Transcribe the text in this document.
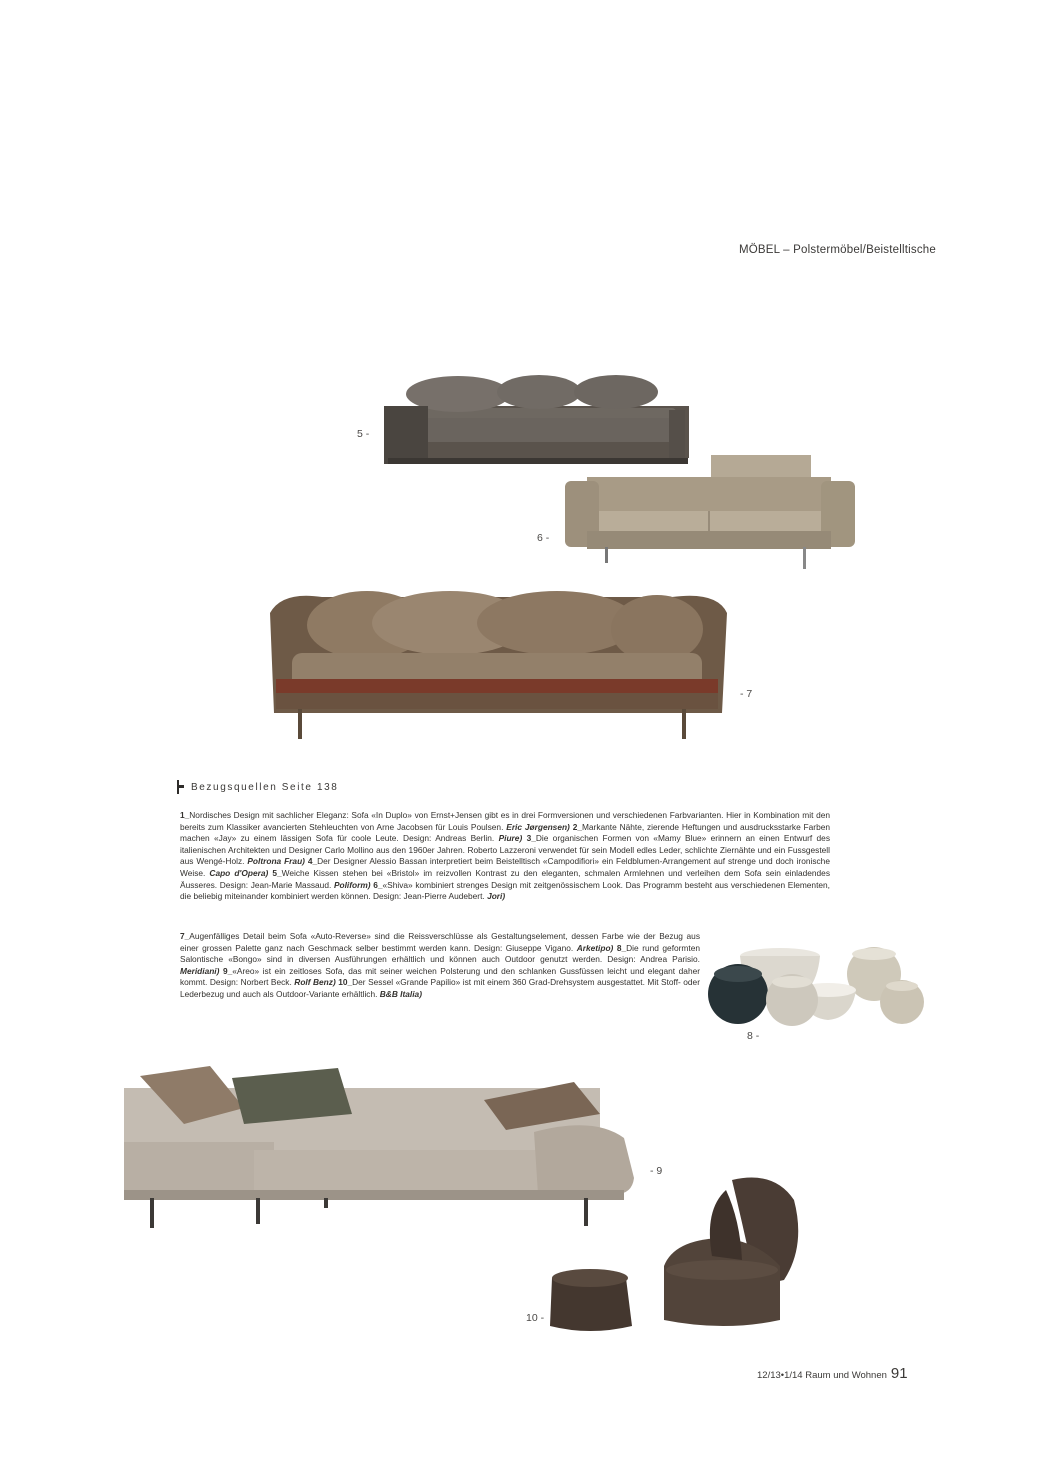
MÖBEL – Polstermöbel/Beistelltische
5 -
6 -
- 7
Bezugsquellen Seite 138
1_Nordisches Design mit sachlicher Eleganz: Sofa «In Duplo» von Ernst+Jensen gibt es in drei Formversionen und verschiedenen Farbvarianten. Hier in Kombination mit den bereits zum Klassiker avancierten Stehleuchten von Arne Jacobsen für Louis Poulsen. Eric Jørgensen) 2_Markante Nähte, zierende Heftungen und ausdrucksstarke Farben machen «Jay» zu einem lässigen Sofa für coole Leute. Design: Andreas Berlin. Piure) 3_Die organischen Formen von «Mamy Blue» erinnern an einen Entwurf des italienischen Architekten und Designer Carlo Mollino aus den 1960er Jahren. Roberto Lazzeroni verwendet für sein Modell edles Leder, schlichte Ziernähte und ein Fussgestell aus Wengé-Holz. Poltrona Frau) 4_Der Designer Alessio Bassan interpretiert beim Beistelltisch «Campodifiori» ein Feldblumen-Arrangement auf strenge und doch ironische Weise. Capo d'Opera) 5_Weiche Kissen stehen bei «Bristol» im reizvollen Kontrast zu den eleganten, schmalen Armlehnen und verleihen dem Sofa sein einladendes Äusseres. Design: Jean-Marie Massaud. Poliform) 6_«Shiva» kombiniert strenges Design mit zeitgenössischem Look. Das Programm besteht aus verschiedenen Elementen, die beliebig miteinander kombiniert werden können. Design: Jean-Pierre Audebert. Jori)
7_Augenfälliges Detail beim Sofa «Auto-Reverse» sind die Reissverschlüsse als Gestaltungselement, dessen Farbe wie der Bezug aus einer grossen Palette ganz nach Geschmack selber bestimmt werden kann. Design: Giuseppe Vigano. Arketipo) 8_Die rund geformten Salontische «Bongo» sind in diversen Ausführungen erhältlich und können auch Outdoor genutzt werden. Design: Andrea Parisio. Meridiani) 9_«Areo» ist ein zeitloses Sofa, das mit seiner weichen Polsterung und den schlanken Gussfüssen leicht und elegant daher kommt. Design: Norbert Beck. Rolf Benz) 10_Der Sessel «Grande Papilio» ist mit einem 360 Grad-Drehsystem ausgestattet. Mit Stoff- oder Lederbezug und auch als Outdoor-Variante erhältlich. B&B Italia)
8 -
- 9
10 -
12/13•1/14 Raum und Wohnen 91
